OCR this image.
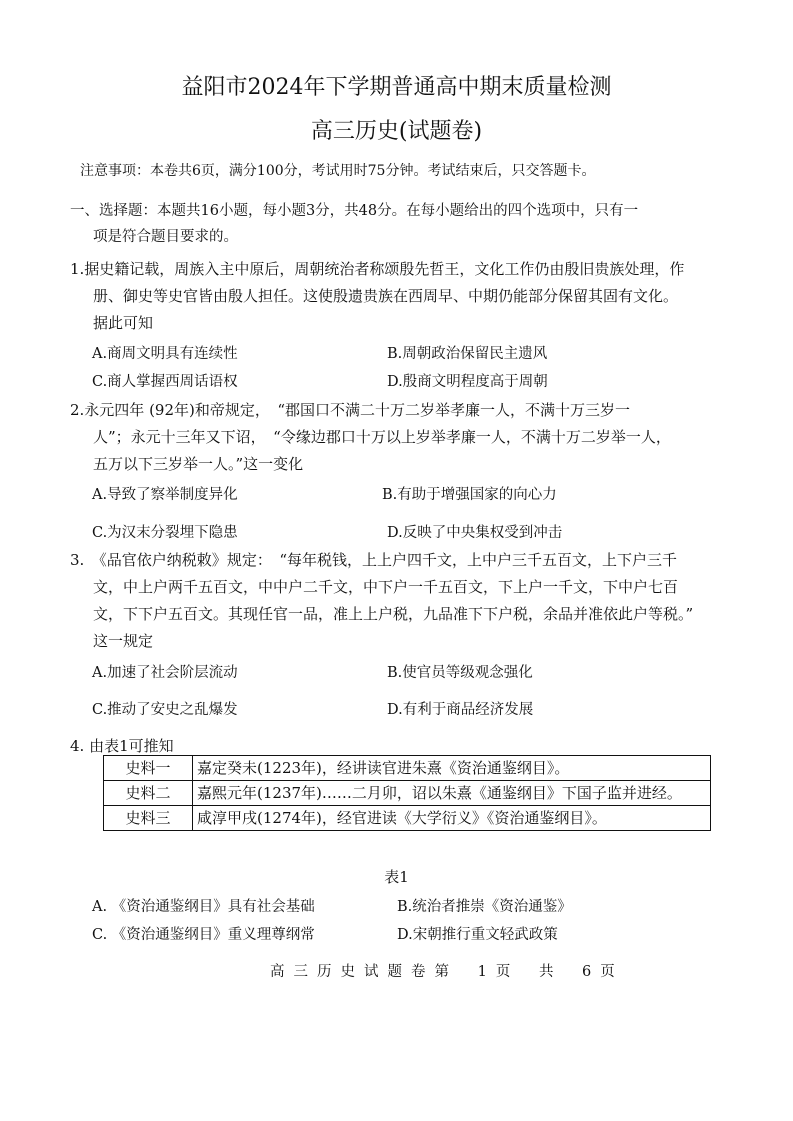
益阳市2024年下学期普通高中期末质量检测
高三历史(试题卷)
注意事项：本卷共6页，满分100分，考试用时75分钟。考试结束后，只交答题卡。
一、选择题：本题共16小题，每小题3分，共48分。在每小题给出的四个选项中，只有一
项是符合题目要求的。

1.据史籍记载，周族入主中原后，周朝统治者称颂殷先哲王，文化工作仍由殷旧贵族处理，作

册、御史等史官皆由殷人担任。这使殷遗贵族在西周早、中期仍能部分保留其固有文化。

据此可知

A.商周文明具有连续性	B.周朝政治保留民主遗风
C.商人掌握西周话语权	D.殷商文明程度高于周朝

2.永元四年 (92年)和帝规定，　“郡国口不满二十万二岁举孝廉一人，不满十万三岁一

人”；永元十三年又下诏，　“令缘边郡口十万以上岁举孝廉一人，不满十万二岁举一人，

五万以下三岁举一人。”这一变化

A.导致了察举制度异化	B.有助于增强国家的向心力
C.为汉末分裂埋下隐患	D.反映了中央集权受到冲击

3.　《品官依户纳税敕》规定：　“每年税钱，上上户四千文，上中户三千五百文，上下户三千

文，中上户两千五百文，中中户二千文，中下户一千五百文，下上户一千文，下中户七百

文，下下户五百文。其现任官一品，准上上户税，九品准下下户税，余品并准依此户等税。”

这一规定

A.加速了社会阶层流动	B.使官员等级观念强化
C.推动了安史之乱爆发	D.有利于商品经济发展
4. 由表1可推知
史料一	嘉定癸未(1223年)，经讲读官进朱熹《资治通鉴纲目》。
史料二	嘉熙元年(1237年)……二月卯，诏以朱熹《通鉴纲目》下国子监并进经。
史料三	咸淳甲戌(1274年)，经官进读《大学衍义》《资治通鉴纲目》。
表1
A. 《资治通鉴纲目》具有社会基础	B.统治者推崇《资治通鉴》
C. 《资治通鉴纲目》重义理尊纲常	D.宋朝推行重文轻武政策
高三历史试题卷第 1页 共 6页
